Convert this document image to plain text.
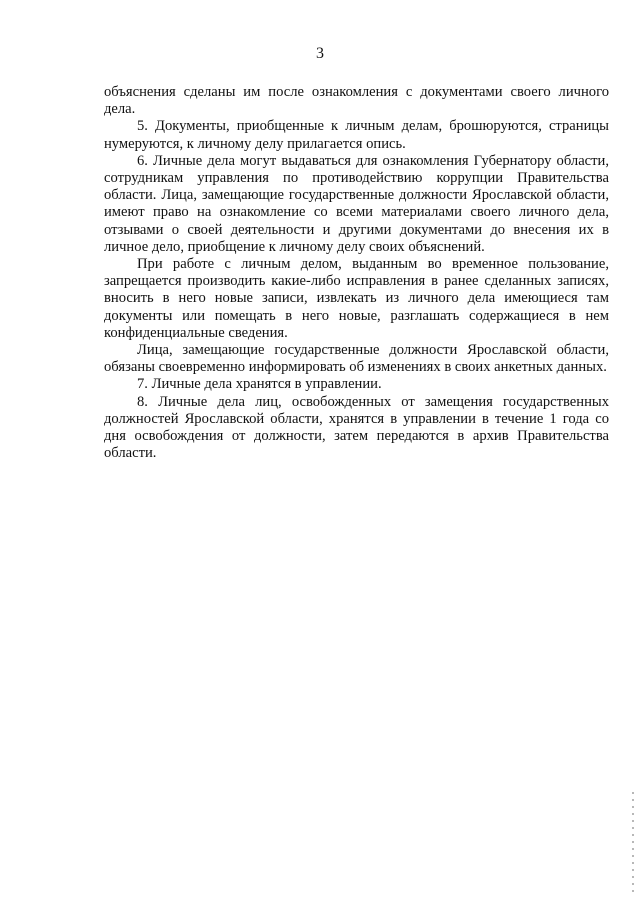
3

объяснения сделаны им после ознакомления с документами своего личного дела.

5. Документы, приобщенные к личным делам, брошюруются, страницы нумеруются, к личному делу прилагается опись.

6. Личные дела могут выдаваться для ознакомления Губернатору области, сотрудникам управления по противодействию коррупции Правительства области. Лица, замещающие государственные должности Ярославской области, имеют право на ознакомление со всеми материалами своего личного дела, отзывами о своей деятельности и другими документами до внесения их в личное дело, приобщение к личному делу своих объяснений.

При работе с личным делом, выданным во временное пользование, запрещается производить какие-либо исправления в ранее сделанных записях, вносить в него новые записи, извлекать из личного дела имеющиеся там документы или помещать в него новые, разглашать содержащиеся в нем конфиденциальные сведения.

Лица, замещающие государственные должности Ярославской области, обязаны своевременно информировать об изменениях в своих анкетных данных.

7. Личные дела хранятся в управлении.

8. Личные дела лиц, освобожденных от замещения государственных должностей Ярославской области, хранятся в управлении в течение 1 года со дня освобождения от должности, затем передаются в архив Правительства области.
